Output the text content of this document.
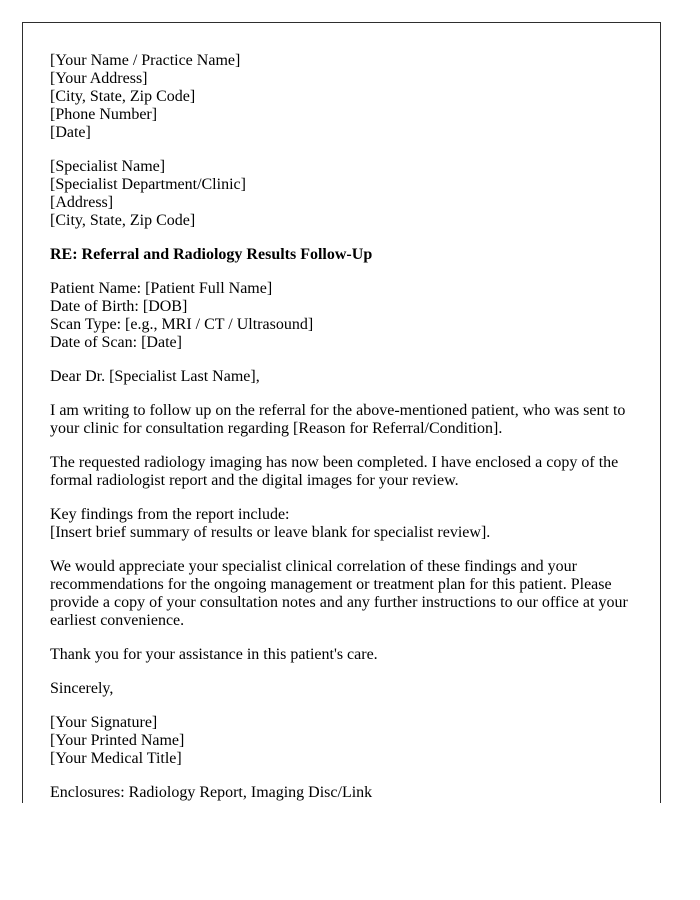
[Your Name / Practice Name]
[Your Address]
[City, State, Zip Code]
[Phone Number]
[Date]
[Specialist Name]
[Specialist Department/Clinic]
[Address]
[City, State, Zip Code]
RE: Referral and Radiology Results Follow-Up
Patient Name: [Patient Full Name]
Date of Birth: [DOB]
Scan Type: [e.g., MRI / CT / Ultrasound]
Date of Scan: [Date]
Dear Dr. [Specialist Last Name],
I am writing to follow up on the referral for the above-mentioned patient, who was sent to your clinic for consultation regarding [Reason for Referral/Condition].
The requested radiology imaging has now been completed. I have enclosed a copy of the formal radiologist report and the digital images for your review.
Key findings from the report include:
[Insert brief summary of results or leave blank for specialist review].
We would appreciate your specialist clinical correlation of these findings and your recommendations for the ongoing management or treatment plan for this patient. Please provide a copy of your consultation notes and any further instructions to our office at your earliest convenience.
Thank you for your assistance in this patient's care.
Sincerely,
[Your Signature]
[Your Printed Name]
[Your Medical Title]
Enclosures: Radiology Report, Imaging Disc/Link
